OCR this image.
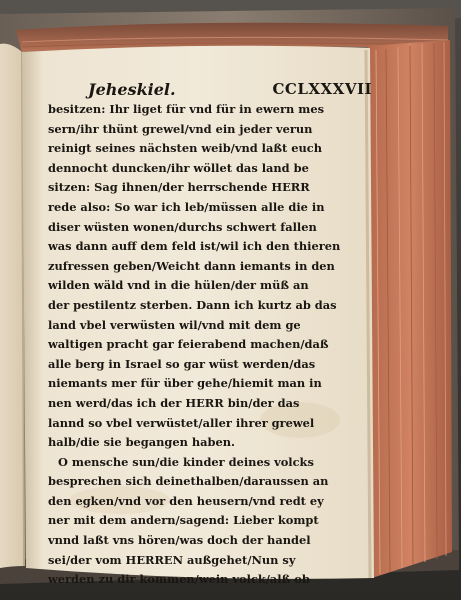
Jeheskiel.	CCLXXXVII
besitzen: Ihr liget für vnd für in ewern mes
sern/ihr thünt grewel/vnd ein jeder verun
reinigt seines nächsten weib/vnd laßt euch
dennocht duncken/ihr wöllet das land be
sitzen: Sag ihnen/der herrschende HERR
rede also: So war ich leb/müssen alle die in
diser wüsten wonen/durchs schwert fallen
was dann auff dem feld ist/wil ich den thieren
zufressen geben/Weicht dann iemants in den
wilden wäld vnd in die hülen/der müß an
der pestilentz sterben. Dann ich kurtz ab das
land vbel verwüsten wil/vnd mit dem ge
waltigen pracht gar feierabend machen/daß
alle berg in Israel so gar wüst werden/das
niemants mer für über gehe/hiemit man in
nen werd/das ich der HERR bin/der das
lannd so vbel verwüstet/aller ihrer grewel
halb/die sie begangen haben.
O mensche sun/die kinder deines volcks
besprechen sich deinethalben/daraussen an
den egken/vnd vor den heusern/vnd redt ey
ner mit dem andern/sagend: Lieber kompt
vnnd laßt vns hören/was doch der handel
sei/der vom HERREN außgehet/Nun sy
werden zu dir kommen/wein volck/alß ob
